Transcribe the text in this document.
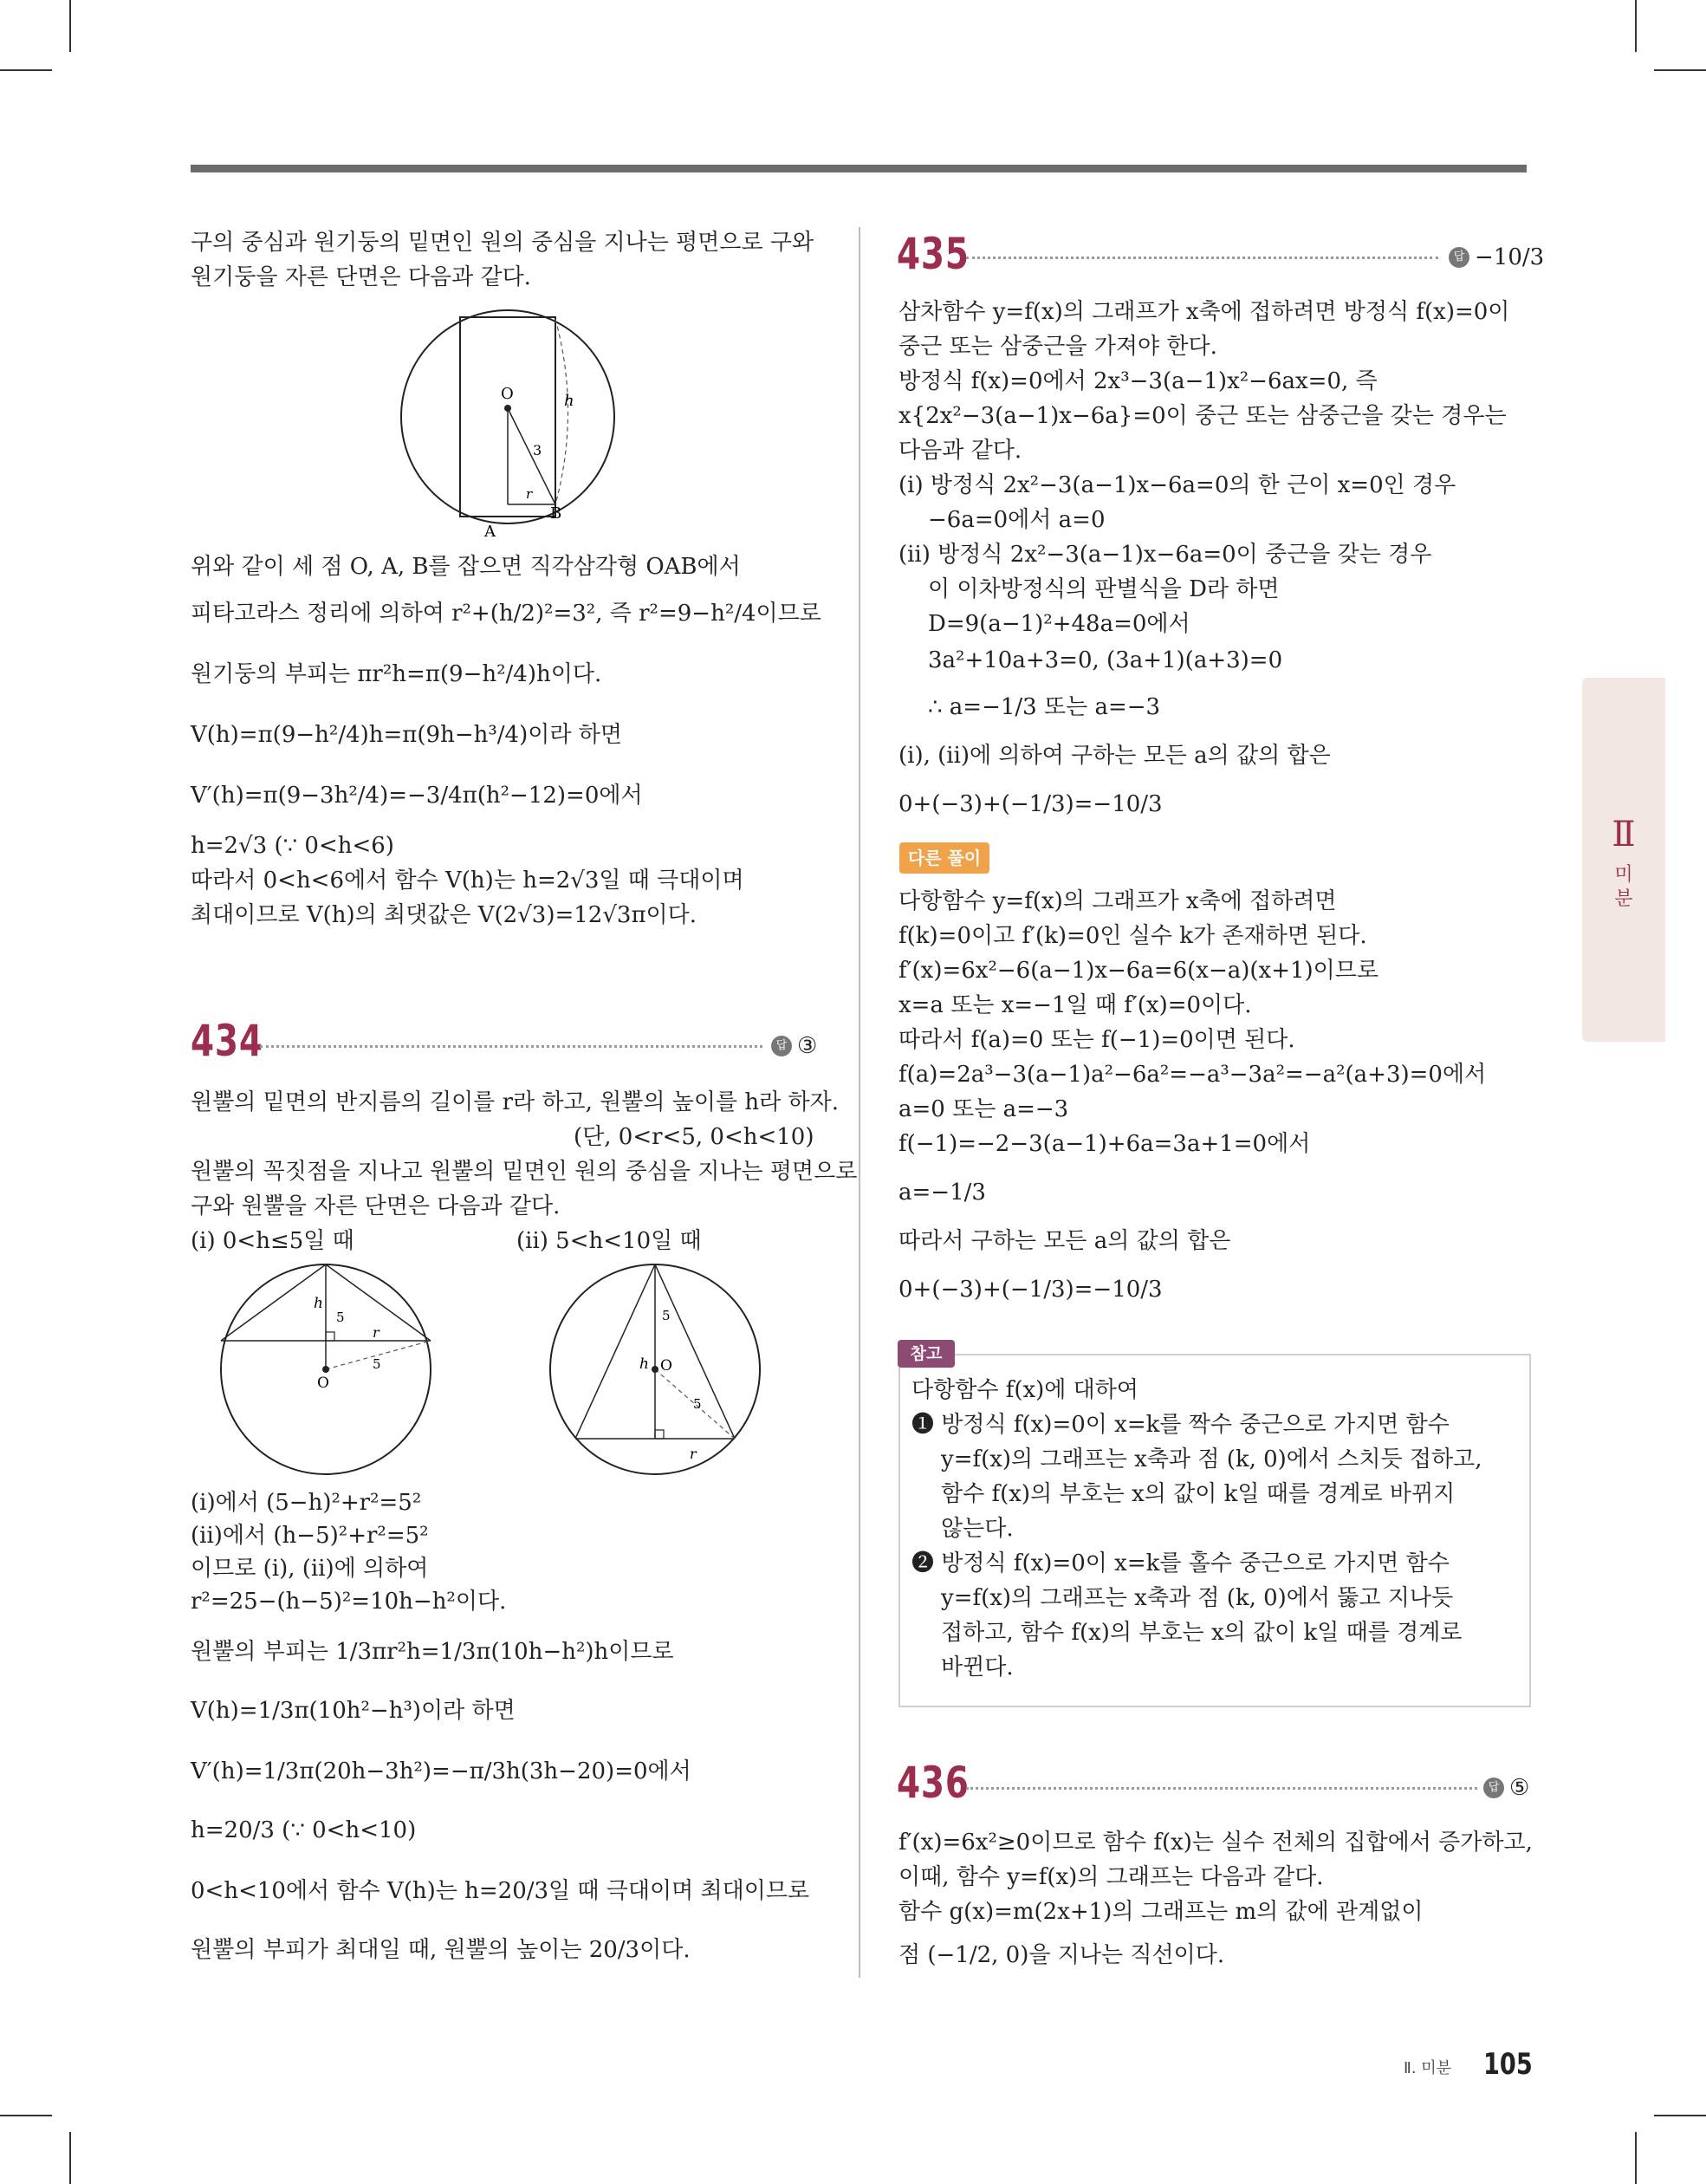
구의 중심과 원기둥의 밑면인 원의 중심을 지나는 평면으로 구와
원기둥을 자른 단면은 다음과 같다.
O	h
3
r
A
B
위와 같이 세 점 O, A, B를 잡으면 직각삼각형 OAB에서
피타고라스 정리에 의하여 r²+(h/2)²=3², 즉 r²=9−h²/4이므로
원기둥의 부피는 πr²h=π(9−h²/4)h이다.
V(h)=π(9−h²/4)h=π(9h−h³/4)이라 하면
V′(h)=π(9−3h²/4)=−3/4π(h²−12)=0에서
h=2√3 (∵ 0<h<6)
따라서 0<h<6에서 함수 V(h)는 h=2√3일 때 극대이며
최대이므로 V(h)의 최댓값은 V(2√3)=12√3π이다.
434	답 ③
원뿔의 밑면의 반지름의 길이를 r라 하고, 원뿔의 높이를 h라 하자.
(단, 0<r<5, 0<h<10)
원뿔의 꼭짓점을 지나고 원뿔의 밑면인 원의 중심을 지나는 평면으로
구와 원뿔을 자른 단면은 다음과 같다.
(ⅰ) 0<h≤5일 때	(ⅱ) 5<h<10일 때
h
5
r
5
O
5
h O
5
r
(ⅰ)에서 (5−h)²+r²=5²
(ⅱ)에서 (h−5)²+r²=5²
이므로 (ⅰ), (ⅱ)에 의하여
r²=25−(h−5)²=10h−h²이다.
원뿔의 부피는 1/3πr²h=1/3π(10h−h²)h이므로
V(h)=1/3π(10h²−h³)이라 하면
V′(h)=1/3π(20h−3h²)=−π/3h(3h−20)=0에서
h=20/3 (∵ 0<h<10)
0<h<10에서 함수 V(h)는 h=20/3일 때 극대이며 최대이므로
원뿔의 부피가 최대일 때, 원뿔의 높이는 20/3이다.
435	답 −10/3
삼차함수 y=f(x)의 그래프가 x축에 접하려면 방정식 f(x)=0이
중근 또는 삼중근을 가져야 한다.
방정식 f(x)=0에서 2x³−3(a−1)x²−6ax=0, 즉
x{2x²−3(a−1)x−6a}=0이 중근 또는 삼중근을 갖는 경우는
다음과 같다.
(ⅰ) 방정식 2x²−3(a−1)x−6a=0의 한 근이 x=0인 경우
−6a=0에서 a=0
(ⅱ) 방정식 2x²−3(a−1)x−6a=0이 중근을 갖는 경우
이 이차방정식의 판별식을 D라 하면
D=9(a−1)²+48a=0에서
3a²+10a+3=0, (3a+1)(a+3)=0
∴ a=−1/3 또는 a=−3
(ⅰ), (ⅱ)에 의하여 구하는 모든 a의 값의 합은
0+(−3)+(−1/3)=−10/3
다른 풀이
다항함수 y=f(x)의 그래프가 x축에 접하려면
f(k)=0이고 f′(k)=0인 실수 k가 존재하면 된다.
f′(x)=6x²−6(a−1)x−6a=6(x−a)(x+1)이므로
x=a 또는 x=−1일 때 f′(x)=0이다.
따라서 f(a)=0 또는 f(−1)=0이면 된다.
f(a)=2a³−3(a−1)a²−6a²=−a³−3a²=−a²(a+3)=0에서
a=0 또는 a=−3
f(−1)=−2−3(a−1)+6a=3a+1=0에서
a=−1/3
따라서 구하는 모든 a의 값의 합은
0+(−3)+(−1/3)=−10/3
참고
다항함수 f(x)에 대하여
❶ 방정식 f(x)=0이 x=k를 짝수 중근으로 가지면 함수
y=f(x)의 그래프는 x축과 점 (k, 0)에서 스치듯 접하고,
함수 f(x)의 부호는 x의 값이 k일 때를 경계로 바뀌지
않는다.
❷ 방정식 f(x)=0이 x=k를 홀수 중근으로 가지면 함수
y=f(x)의 그래프는 x축과 점 (k, 0)에서 뚫고 지나듯
접하고, 함수 f(x)의 부호는 x의 값이 k일 때를 경계로
바뀐다.
436	답 ⑤
f′(x)=6x²≥0이므로 함수 f(x)는 실수 전체의 집합에서 증가하고,
이때, 함수 y=f(x)의 그래프는 다음과 같다.
함수 g(x)=m(2x+1)의 그래프는 m의 값에 관계없이
점 (−1/2, 0)을 지나는 직선이다.
Ⅱ
미
분
Ⅱ. 미분 105
